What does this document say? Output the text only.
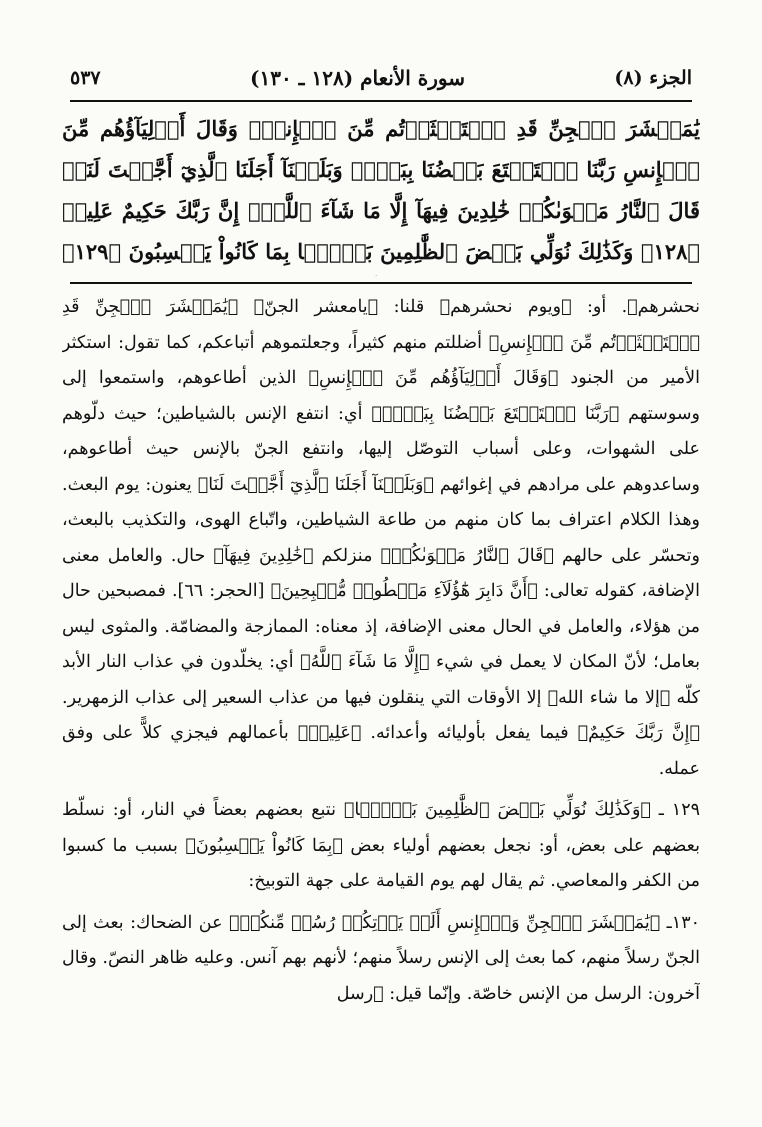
الجزء (٨)
سورة الأنعام (١٢٨ ـ ١٣٠)
٥٣٧
يَٰمَعۡشَرَ ٱلۡجِنِّ قَدِ ٱسۡتَكۡثَرۡتُم مِّنَ ٱلۡإِنسِۖ وَقَالَ أَوۡلِيَآؤُهُم مِّنَ ٱلۡإِنسِ رَبَّنَا ٱسۡتَمۡتَعَ بَعۡضُنَا بِبَعۡضٖ وَبَلَغۡنَآ أَجَلَنَا ٱلَّذِيٓ أَجَّلۡتَ لَنَاۚ قَالَ ٱلنَّارُ مَثۡوَىٰكُمۡ خَٰلِدِينَ فِيهَآ إِلَّا مَا شَآءَ ٱللَّهُۚ إِنَّ رَبَّكَ حَكِيمٌ عَلِيمٞ ﴿١٢٨﴾ وَكَذَٰلِكَ نُوَلِّي بَعۡضَ ٱلظَّٰلِمِينَ بَعۡضَۢا بِمَا كَانُواْ يَكۡسِبُونَ ﴿١٢٩﴾

نحشرهم﴾. أو: ﴿ويوم نحشرهم﴾ قلنا: ﴿يامعشر الجنّ﴾ ﴿يَٰمَعۡشَرَ ٱلۡجِنِّ قَدِ ٱسۡتَكۡثَرۡتُم مِّنَ ٱلۡإِنسِ﴾ أضللتم منهم كثيراً، وجعلتموهم أتباعكم، كما تقول: استكثر الأمير من الجنود ﴿وَقَالَ أَوۡلِيَآؤُهُم مِّنَ ٱلۡإِنسِ﴾ الذين أطاعوهم، واستمعوا إلى وسوستهم ﴿رَبَّنَا ٱسۡتَمۡتَعَ بَعۡضُنَا بِبَعۡضٖ﴾ أي: انتفع الإنس بالشياطين؛ حيث دلّوهم على الشهوات، وعلى أسباب التوصّل إليها، وانتفع الجنّ بالإنس حيث أطاعوهم، وساعدوهم على مرادهم في إغوائهم ﴿وَبَلَغۡنَآ أَجَلَنَا ٱلَّذِيٓ أَجَّلۡتَ لَنَا﴾ يعنون: يوم البعث. وهذا الكلام اعتراف بما كان منهم من طاعة الشياطين، واتّباع الهوى، والتكذيب بالبعث، وتحسّر على حالهم ﴿قَالَ ٱلنَّارُ مَثۡوَىٰكُمۡ﴾ منزلكم ﴿خَٰلِدِينَ فِيهَآ﴾ حال. والعامل معنى الإضافة، كقوله تعالى: ﴿أَنَّ دَابِرَ هَٰٓؤُلَآءِ مَقۡطُوعٞ مُّصۡبِحِينَ﴾ [الحجر: ٦٦]. فمصبحين حال من هؤلاء، والعامل في الحال معنى الإضافة، إذ معناه: الممازجة والمضامّة. والمثوى ليس بعامل؛ لأنّ المكان لا يعمل في شيء ﴿إِلَّا مَا شَآءَ ٱللَّهُ﴾ أي: يخلّدون في عذاب النار الأبد كلّه ﴿إلا ما شاء الله﴾ إلا الأوقات التي ينقلون فيها من عذاب السعير إلى عذاب الزمهرير. ﴿إِنَّ رَبَّكَ حَكِيمٌ﴾ فيما يفعل بأوليائه وأعدائه. ﴿عَلِيمٞ﴾ بأعمالهم فيجزي كلاًّ على وفق عمله.

١٢٩ ـ ﴿وَكَذَٰلِكَ نُوَلِّي بَعۡضَ ٱلظَّٰلِمِينَ بَعۡضَۢا﴾ نتبع بعضهم بعضاً في النار، أو: نسلّط بعضهم على بعض، أو: نجعل بعضهم أولياء بعض ﴿بِمَا كَانُواْ يَكۡسِبُونَ﴾ بسبب ما كسبوا من الكفر والمعاصي. ثم يقال لهم يوم القيامة على جهة التوبيخ:

١٣٠ـ ﴿يَٰمَعۡشَرَ ٱلۡجِنِّ وَٱلۡإِنسِ أَلَمۡ يَأۡتِكُمۡ رُسُلٞ مِّنكُمۡ﴾ عن الضحاك: بعث إلى الجنّ رسلاً منهم، كما بعث إلى الإنس رسلاً منهم؛ لأنهم بهم آنس. وعليه ظاهر النصّ. وقال آخرون: الرسل من الإنس خاصّة. وإنّما قيل: ﴿رسل
